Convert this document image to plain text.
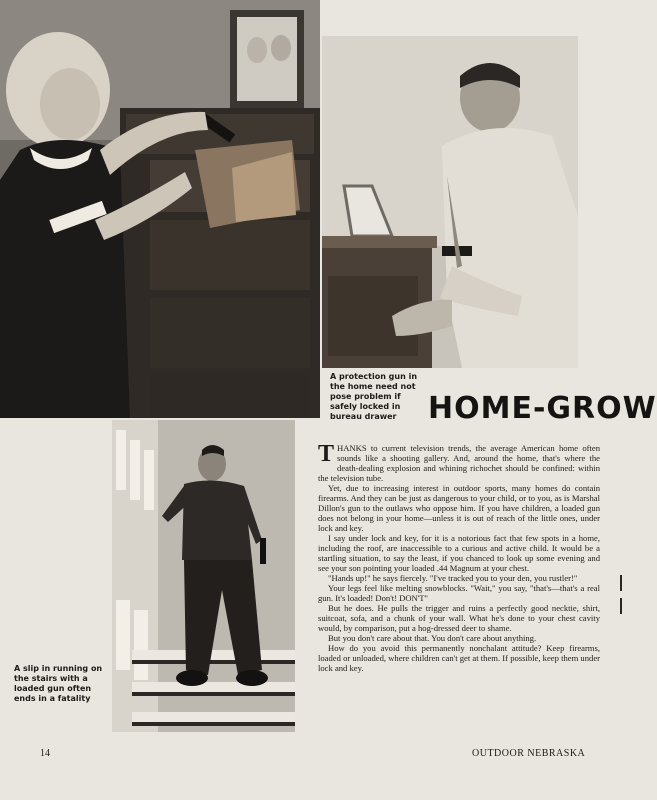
A protection gun in the home need not pose problem if safely locked in bureau drawer	HOME-GROW
A slip in running on the stairs with a loaded gun often ends in a fatality

THANKS to current television trends, the average American home often sounds like a shooting gallery. And, around the home, that's where the death-dealing explosion and whining richochet should be confined: within the television tube.

Yet, due to increasing interest in outdoor sports, many homes do contain firearms. And they can be just as dangerous to your child, or to you, as is Marshal Dillon's gun to the outlaws who oppose him. If you have children, a loaded gun does not belong in your home—unless it is out of reach of the little ones, under lock and key.

I say under lock and key, for it is a notorious fact that few spots in a home, including the roof, are inaccessible to a curious and active child. It would be a startling situation, to say the least, if you chanced to look up some evening and see your son pointing your loaded .44 Magnum at your chest.

"Hands up!" he says fiercely. "I've tracked you to your den, you rustler!"

Your legs feel like melting snowblocks. "Wait," you say, "that's—that's a real gun. It's loaded! Don't! DON'T"

But he does. He pulls the trigger and ruins a perfectly good necktie, shirt, suitcoat, sofa, and a chunk of your wall. What he's done to your chest cavity would, by comparison, put a hog-dressed deer to shame.

But you don't care about that. You don't care about anything.

How do you avoid this permanently nonchalant attitude? Keep firearms, loaded or unloaded, where children can't get at them. If possible, keep them under lock and key.

14	OUTDOOR NEBRASKA
